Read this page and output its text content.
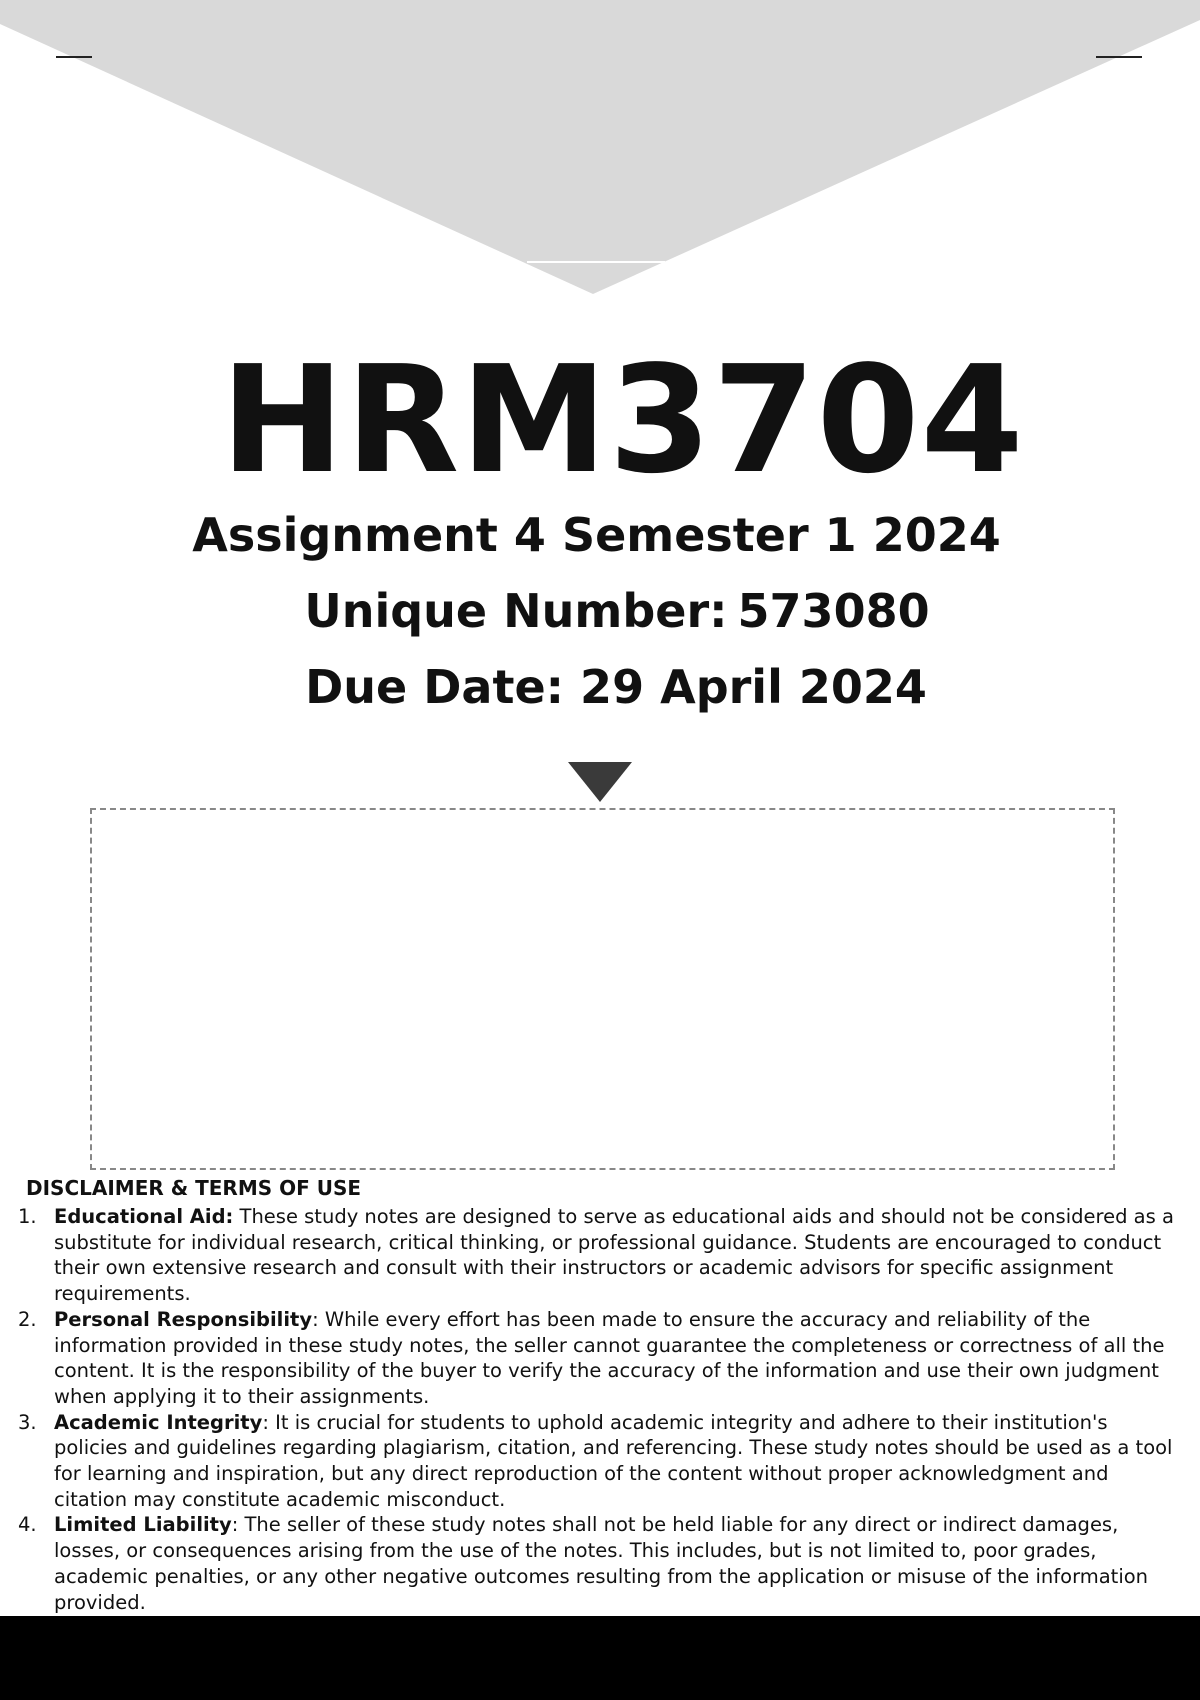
HRM3704
Assignment 4 Semester 1 2024
Unique Number: 573080
Due Date: 29 April 2024
DISCLAIMER & TERMS OF USE
1. Educational Aid: These study notes are designed to serve as educational aids and should not be considered as a substitute for individual research, critical thinking, or professional guidance. Students are encouraged to conduct their own extensive research and consult with their instructors or academic advisors for specific assignment requirements.
2. Personal Responsibility: While every effort has been made to ensure the accuracy and reliability of the information provided in these study notes, the seller cannot guarantee the completeness or correctness of all the content. It is the responsibility of the buyer to verify the accuracy of the information and use their own judgment when applying it to their assignments.
3. Academic Integrity: It is crucial for students to uphold academic integrity and adhere to their institution's policies and guidelines regarding plagiarism, citation, and referencing. These study notes should be used as a tool for learning and inspiration, but any direct reproduction of the content without proper acknowledgment and citation may constitute academic misconduct.
4. Limited Liability: The seller of these study notes shall not be held liable for any direct or indirect damages, losses, or consequences arising from the use of the notes. This includes, but is not limited to, poor grades, academic penalties, or any other negative outcomes resulting from the application or misuse of the information provided.
